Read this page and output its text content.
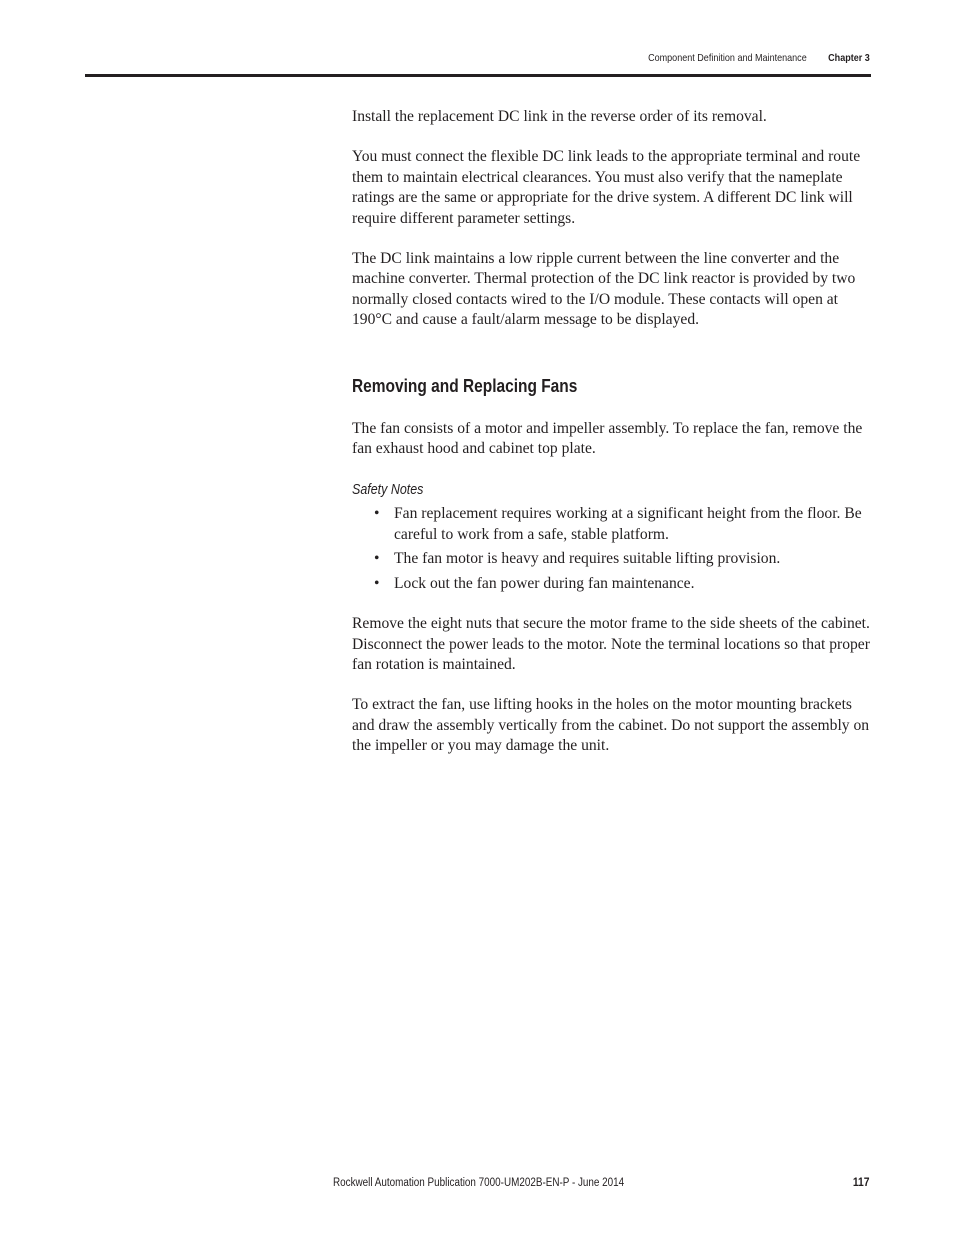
Component Definition and Maintenance Chapter 3

Install the replacement DC link in the reverse order of its removal.

You must connect the flexible DC link leads to the appropriate terminal and route them to maintain electrical clearances. You must also verify that the nameplate ratings are the same or appropriate for the drive system. A different DC link will require different parameter settings.

The DC link maintains a low ripple current between the line converter and the machine converter. Thermal protection of the DC link reactor is provided by two normally closed contacts wired to the I/O module. These contacts will open at 190°C and cause a fault/alarm message to be displayed.

Removing and Replacing Fans

The fan consists of a motor and impeller assembly. To replace the fan, remove the fan exhaust hood and cabinet top plate.

Safety Notes
• Fan replacement requires working at a significant height from the floor. Be careful to work from a safe, stable platform.
• The fan motor is heavy and requires suitable lifting provision.
• Lock out the fan power during fan maintenance.

Remove the eight nuts that secure the motor frame to the side sheets of the cabinet. Disconnect the power leads to the motor. Note the terminal locations so that proper fan rotation is maintained.

To extract the fan, use lifting hooks in the holes on the motor mounting brackets and draw the assembly vertically from the cabinet. Do not support the assembly on the impeller or you may damage the unit.

Rockwell Automation Publication 7000-UM202B-EN-P - June 2014	117
